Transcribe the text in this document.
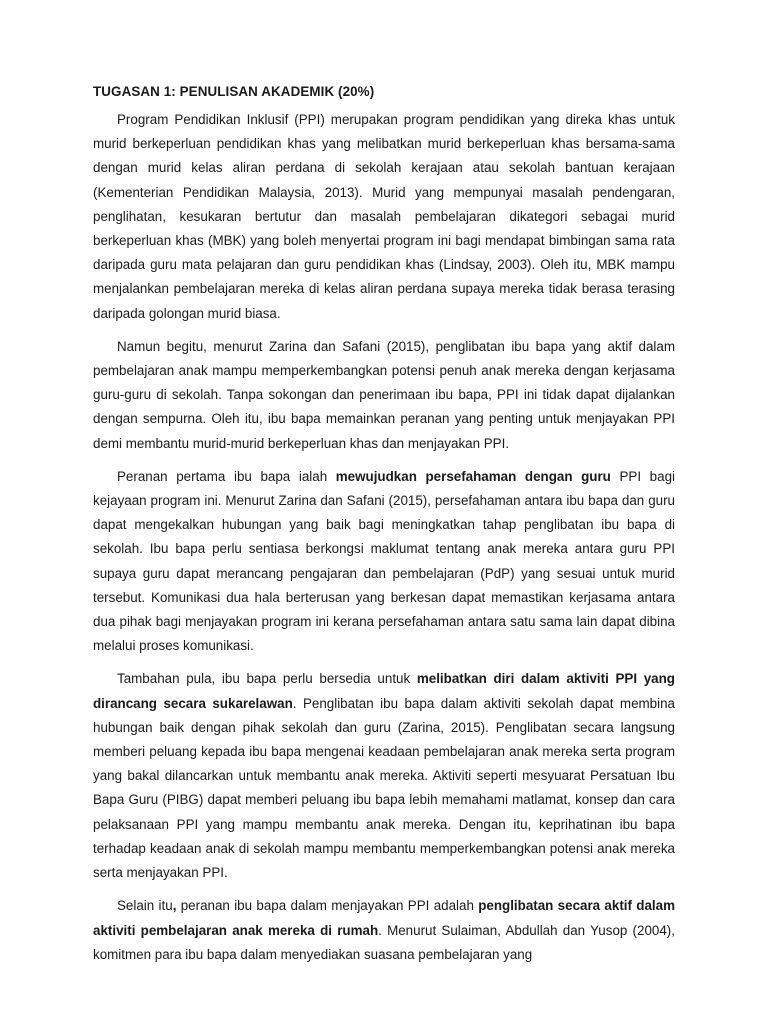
TUGASAN 1: PENULISAN AKADEMIK (20%)

Program Pendidikan Inklusif (PPI) merupakan program pendidikan yang direka khas untuk murid berkeperluan pendidikan khas yang melibatkan murid berkeperluan khas bersama-sama dengan murid kelas aliran perdana di sekolah kerajaan atau sekolah bantuan kerajaan (Kementerian Pendidikan Malaysia, 2013). Murid yang mempunyai masalah pendengaran, penglihatan, kesukaran bertutur dan masalah pembelajaran dikategori sebagai murid berkeperluan khas (MBK) yang boleh menyertai program ini bagi mendapat bimbingan sama rata daripada guru mata pelajaran dan guru pendidikan khas (Lindsay, 2003). Oleh itu, MBK mampu menjalankan pembelajaran mereka di kelas aliran perdana supaya mereka tidak berasa terasing daripada golongan murid biasa.

Namun begitu, menurut Zarina dan Safani (2015), penglibatan ibu bapa yang aktif dalam pembelajaran anak mampu memperkembangkan potensi penuh anak mereka dengan kerjasama guru-guru di sekolah. Tanpa sokongan dan penerimaan ibu bapa, PPI ini tidak dapat dijalankan dengan sempurna. Oleh itu, ibu bapa memainkan peranan yang penting untuk menjayakan PPI demi membantu murid-murid berkeperluan khas dan menjayakan PPI.

Peranan pertama ibu bapa ialah mewujudkan persefahaman dengan guru PPI bagi kejayaan program ini. Menurut Zarina dan Safani (2015), persefahaman antara ibu bapa dan guru dapat mengekalkan hubungan yang baik bagi meningkatkan tahap penglibatan ibu bapa di sekolah. Ibu bapa perlu sentiasa berkongsi maklumat tentang anak mereka antara guru PPI supaya guru dapat merancang pengajaran dan pembelajaran (PdP) yang sesuai untuk murid tersebut. Komunikasi dua hala berterusan yang berkesan dapat memastikan kerjasama antara dua pihak bagi menjayakan program ini kerana persefahaman antara satu sama lain dapat dibina melalui proses komunikasi.

Tambahan pula, ibu bapa perlu bersedia untuk melibatkan diri dalam aktiviti PPI yang dirancang secara sukarelawan. Penglibatan ibu bapa dalam aktiviti sekolah dapat membina hubungan baik dengan pihak sekolah dan guru (Zarina, 2015). Penglibatan secara langsung memberi peluang kepada ibu bapa mengenai keadaan pembelajaran anak mereka serta program yang bakal dilancarkan untuk membantu anak mereka. Aktiviti seperti mesyuarat Persatuan Ibu Bapa Guru (PIBG) dapat memberi peluang ibu bapa lebih memahami matlamat, konsep dan cara pelaksanaan PPI yang mampu membantu anak mereka. Dengan itu, keprihatinan ibu bapa terhadap keadaan anak di sekolah mampu membantu memperkembangkan potensi anak mereka serta menjayakan PPI.

Selain itu, peranan ibu bapa dalam menjayakan PPI adalah penglibatan secara aktif dalam aktiviti pembelajaran anak mereka di rumah. Menurut Sulaiman, Abdullah dan Yusop (2004), komitmen para ibu bapa dalam menyediakan suasana pembelajaran yang
